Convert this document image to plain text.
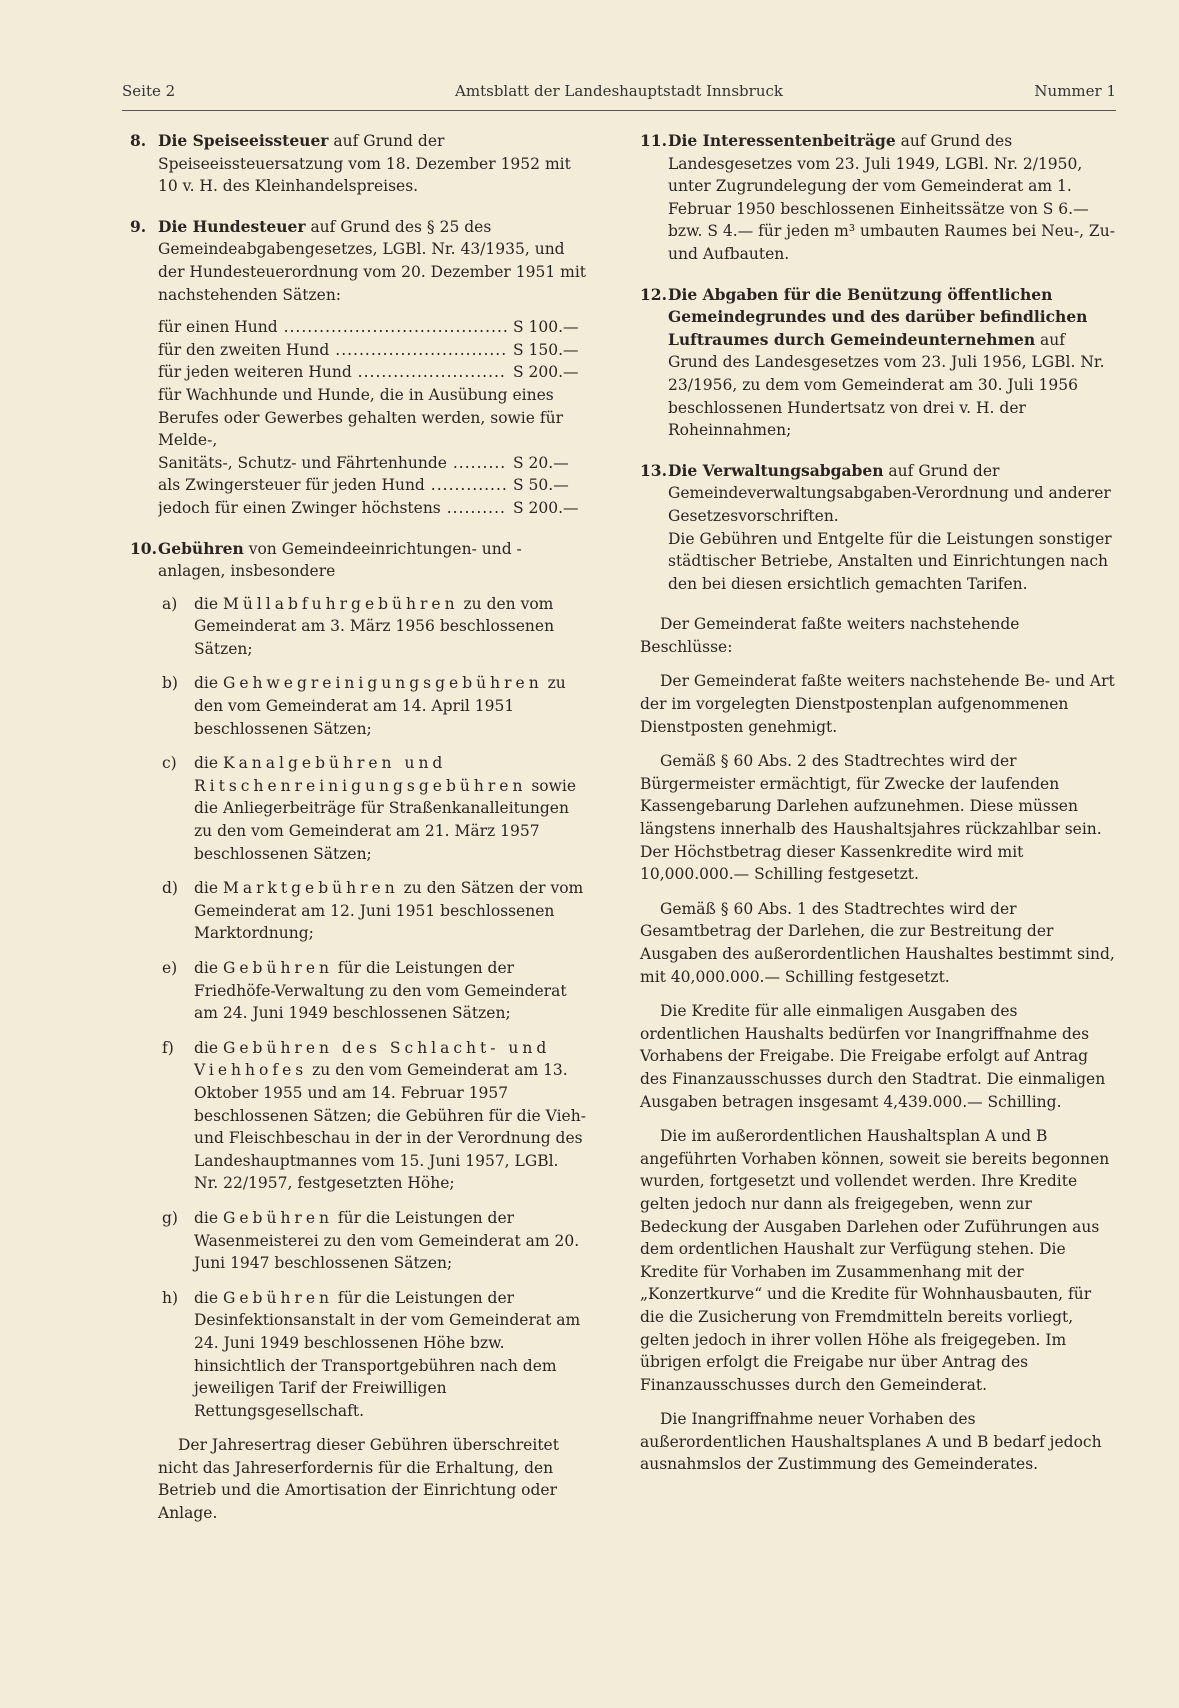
Seite 2	Amtsblatt der Landeshauptstadt Innsbruck	Nummer 1
8. Die Speiseeissteuer auf Grund der Speiseeissteuersatzung vom 18. Dezember 1952 mit 10 v. H. des Kleinhandelspreises.
9. Die Hundesteuer auf Grund des § 25 des Gemeindeabgabengesetzes, LGBl. Nr. 43/1935, und der Hundesteuerordnung vom 20. Dezember 1951 mit nachstehenden Sätzen:
für einen Hund .....	S 100.—
für den zweiten Hund .....	S 150.—
für jeden weiteren Hund .....	S 200.—
für Wachhunde und Hunde, die in Ausübung eines Berufes oder Gewerbes gehalten werden, sowie für Melde-,
Sanitäts-, Schutz- und Fährtenhunde .....	S 20.—
als Zwingersteuer für jeden Hund .....	S 50.—
jedoch für einen Zwinger höchstens .....	S 200.—
10. Gebühren von Gemeindeeinrichtungen- und -anlagen, insbesondere
a) die Müllabfuhrgebühren zu den vom Gemeinderat am 3. März 1956 beschlossenen Sätzen;
b) die Gehwegreinigungsgebühren zu den vom Gemeinderat am 14. April 1951 beschlossenen Sätzen;
c) die Kanalgebühren und Ritschenreinigungsgebühren sowie die Anliegerbeiträge für Straßenkanalleitungen zu den vom Gemeinderat am 21. März 1957 beschlossenen Sätzen;
d) die Marktgebühren zu den Sätzen der vom Gemeinderat am 12. Juni 1951 beschlossenen Marktordnung;
e) die Gebühren für die Leistungen der Friedhöfe-Verwaltung zu den vom Gemeinderat am 24. Juni 1949 beschlossenen Sätzen;
f) die Gebühren des Schlacht- und Viehhofes zu den vom Gemeinderat am 13. Oktober 1955 und am 14. Februar 1957 beschlossenen Sätzen; die Gebühren für die Vieh- und Fleischbeschau in der in der Verordnung des Landeshauptmannes vom 15. Juni 1957, LGBl. Nr. 22/1957, festgesetzten Höhe;
g) die Gebühren für die Leistungen der Wasenmeisterei zu den vom Gemeinderat am 20. Juni 1947 beschlossenen Sätzen;
h) die Gebühren für die Leistungen der Desinfektionsanstalt in der vom Gemeinderat am 24. Juni 1949 beschlossenen Höhe bzw. hinsichtlich der Transportgebühren nach dem jeweiligen Tarif der Freiwilligen Rettungsgesellschaft.

Der Jahresertrag dieser Gebühren überschreitet nicht das Jahreserfordernis für die Erhaltung, den Betrieb und die Amortisation der Einrichtung oder Anlage.

11. Die Interessentenbeiträge auf Grund des Landesgesetzes vom 23. Juli 1949, LGBl. Nr. 2/1950, unter Zugrundelegung der vom Gemeinderat am 1. Februar 1950 beschlossenen Einheitssätze von S 6.— bzw. S 4.— für jeden m³ umbauten Raumes bei Neu-, Zu- und Aufbauten.
12. Die Abgaben für die Benützung öffentlichen Gemeindegrundes und des darüber befindlichen Luftraumes durch Gemeindeunternehmen auf Grund des Landesgesetzes vom 23. Juli 1956, LGBl. Nr. 23/1956, zu dem vom Gemeinderat am 30. Juli 1956 beschlossenen Hundertsatz von drei v. H. der Roheinnahmen;
13. Die Verwaltungsabgaben auf Grund der Gemeindeverwaltungsabgaben-Verordnung und anderer Gesetzesvorschriften.
Die Gebühren und Entgelte für die Leistungen sonstiger städtischer Betriebe, Anstalten und Einrichtungen nach den bei diesen ersichtlich gemachten Tarifen.

Der Gemeinderat faßte weiters nachstehende Beschlüsse:

Der Gemeinderat faßte weiters nachstehende Be- und Art der im vorgelegten Dienstpostenplan aufgenommenen Dienstposten genehmigt.

Gemäß § 60 Abs. 2 des Stadtrechtes wird der Bürgermeister ermächtigt, für Zwecke der laufenden Kassengebarung Darlehen aufzunehmen. Diese müssen längstens innerhalb des Haushaltsjahres rückzahlbar sein. Der Höchstbetrag dieser Kassenkredite wird mit 10,000.000.— Schilling festgesetzt.

Gemäß § 60 Abs. 1 des Stadtrechtes wird der Gesamtbetrag der Darlehen, die zur Bestreitung der Ausgaben des außerordentlichen Haushaltes bestimmt sind, mit 40,000.000.— Schilling festgesetzt.

Die Kredite für alle einmaligen Ausgaben des ordentlichen Haushalts bedürfen vor Inangriffnahme des Vorhabens der Freigabe. Die Freigabe erfolgt auf Antrag des Finanzausschusses durch den Stadtrat. Die einmaligen Ausgaben betragen insgesamt 4,439.000.— Schilling.

Die im außerordentlichen Haushaltsplan A und B angeführten Vorhaben können, soweit sie bereits begonnen wurden, fortgesetzt und vollendet werden. Ihre Kredite gelten jedoch nur dann als freigegeben, wenn zur Bedeckung der Ausgaben Darlehen oder Zuführungen aus dem ordentlichen Haushalt zur Verfügung stehen. Die Kredite für Vorhaben im Zusammenhang mit der „Konzertkurve“ und die Kredite für Wohnhausbauten, für die die Zusicherung von Fremdmitteln bereits vorliegt, gelten jedoch in ihrer vollen Höhe als freigegeben. Im übrigen erfolgt die Freigabe nur über Antrag des Finanzausschusses durch den Gemeinderat.

Die Inangriffnahme neuer Vorhaben des außerordentlichen Haushaltsplanes A und B bedarf jedoch ausnahmslos der Zustimmung des Gemeinderates.
